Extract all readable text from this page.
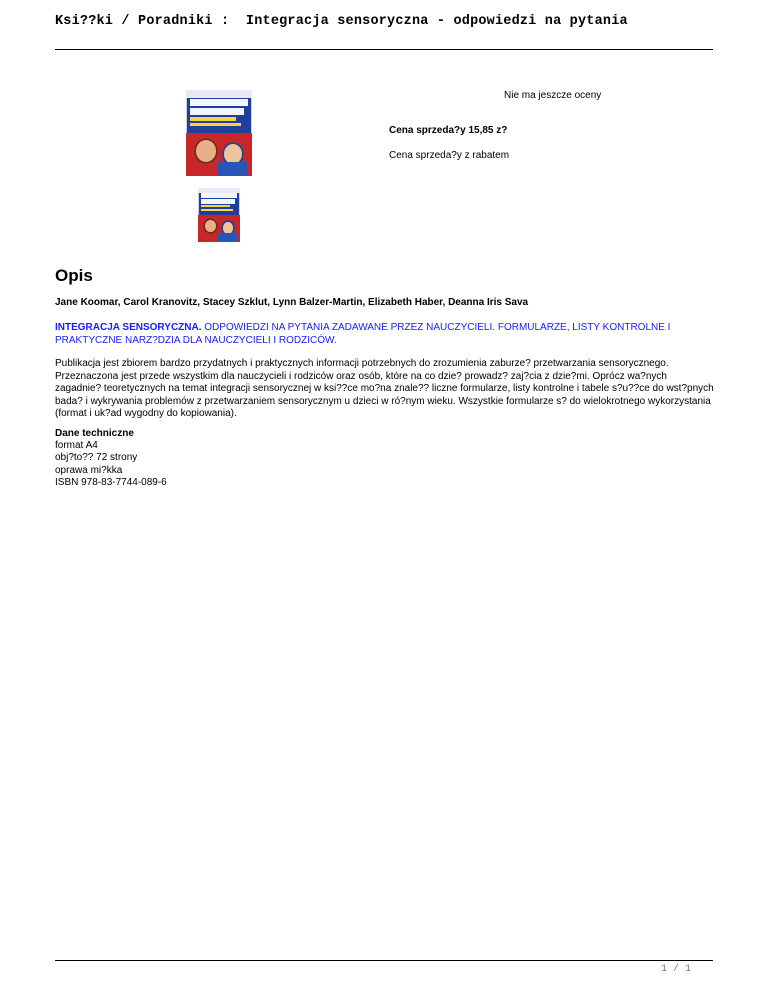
Ksi??ki / Poradniki :  Integracja sensoryczna - odpowiedzi na pytania
Nie ma jeszcze oceny
Cena sprzeda?y 15,85 z?
Cena sprzeda?y z rabatem
Opis
Jane Koomar, Carol Kranovitz, Stacey Szklut, Lynn Balzer-Martin, Elizabeth Haber, Deanna Iris Sava
INTEGRACJA SENSORYCZNA. ODPOWIEDZI NA PYTANIA ZADAWANE PRZEZ NAUCZYCIELI. FORMULARZE, LISTY KONTROLNE I PRAKTYCZNE NARZ?DZIA DLA NAUCZYCIELI I RODZICÓW.
Publikacja jest zbiorem bardzo przydatnych i praktycznych informacji potrzebnych do zrozumienia zaburze? przetwarzania sensorycznego. Przeznaczona jest przede wszystkim dla nauczycieli i rodziców oraz osób, które na co dzie? prowadz? zaj?cia z dzie?mi. Oprócz wa?nych zagadnie? teoretycznych na temat integracji sensorycznej w ksi??ce mo?na znale?? liczne formularze, listy kontrolne i tabele s?u??ce do wst?pnych bada? i wykrywania problemów z przetwarzaniem sensorycznym u dzieci w ró?nym wieku. Wszystkie formularze s? do wielokrotnego wykorzystania (format i uk?ad wygodny do kopiowania).
Dane techniczne
format A4
obj?to?? 72 strony
oprawa mi?kka
ISBN 978-83-7744-089-6
1 / 1
